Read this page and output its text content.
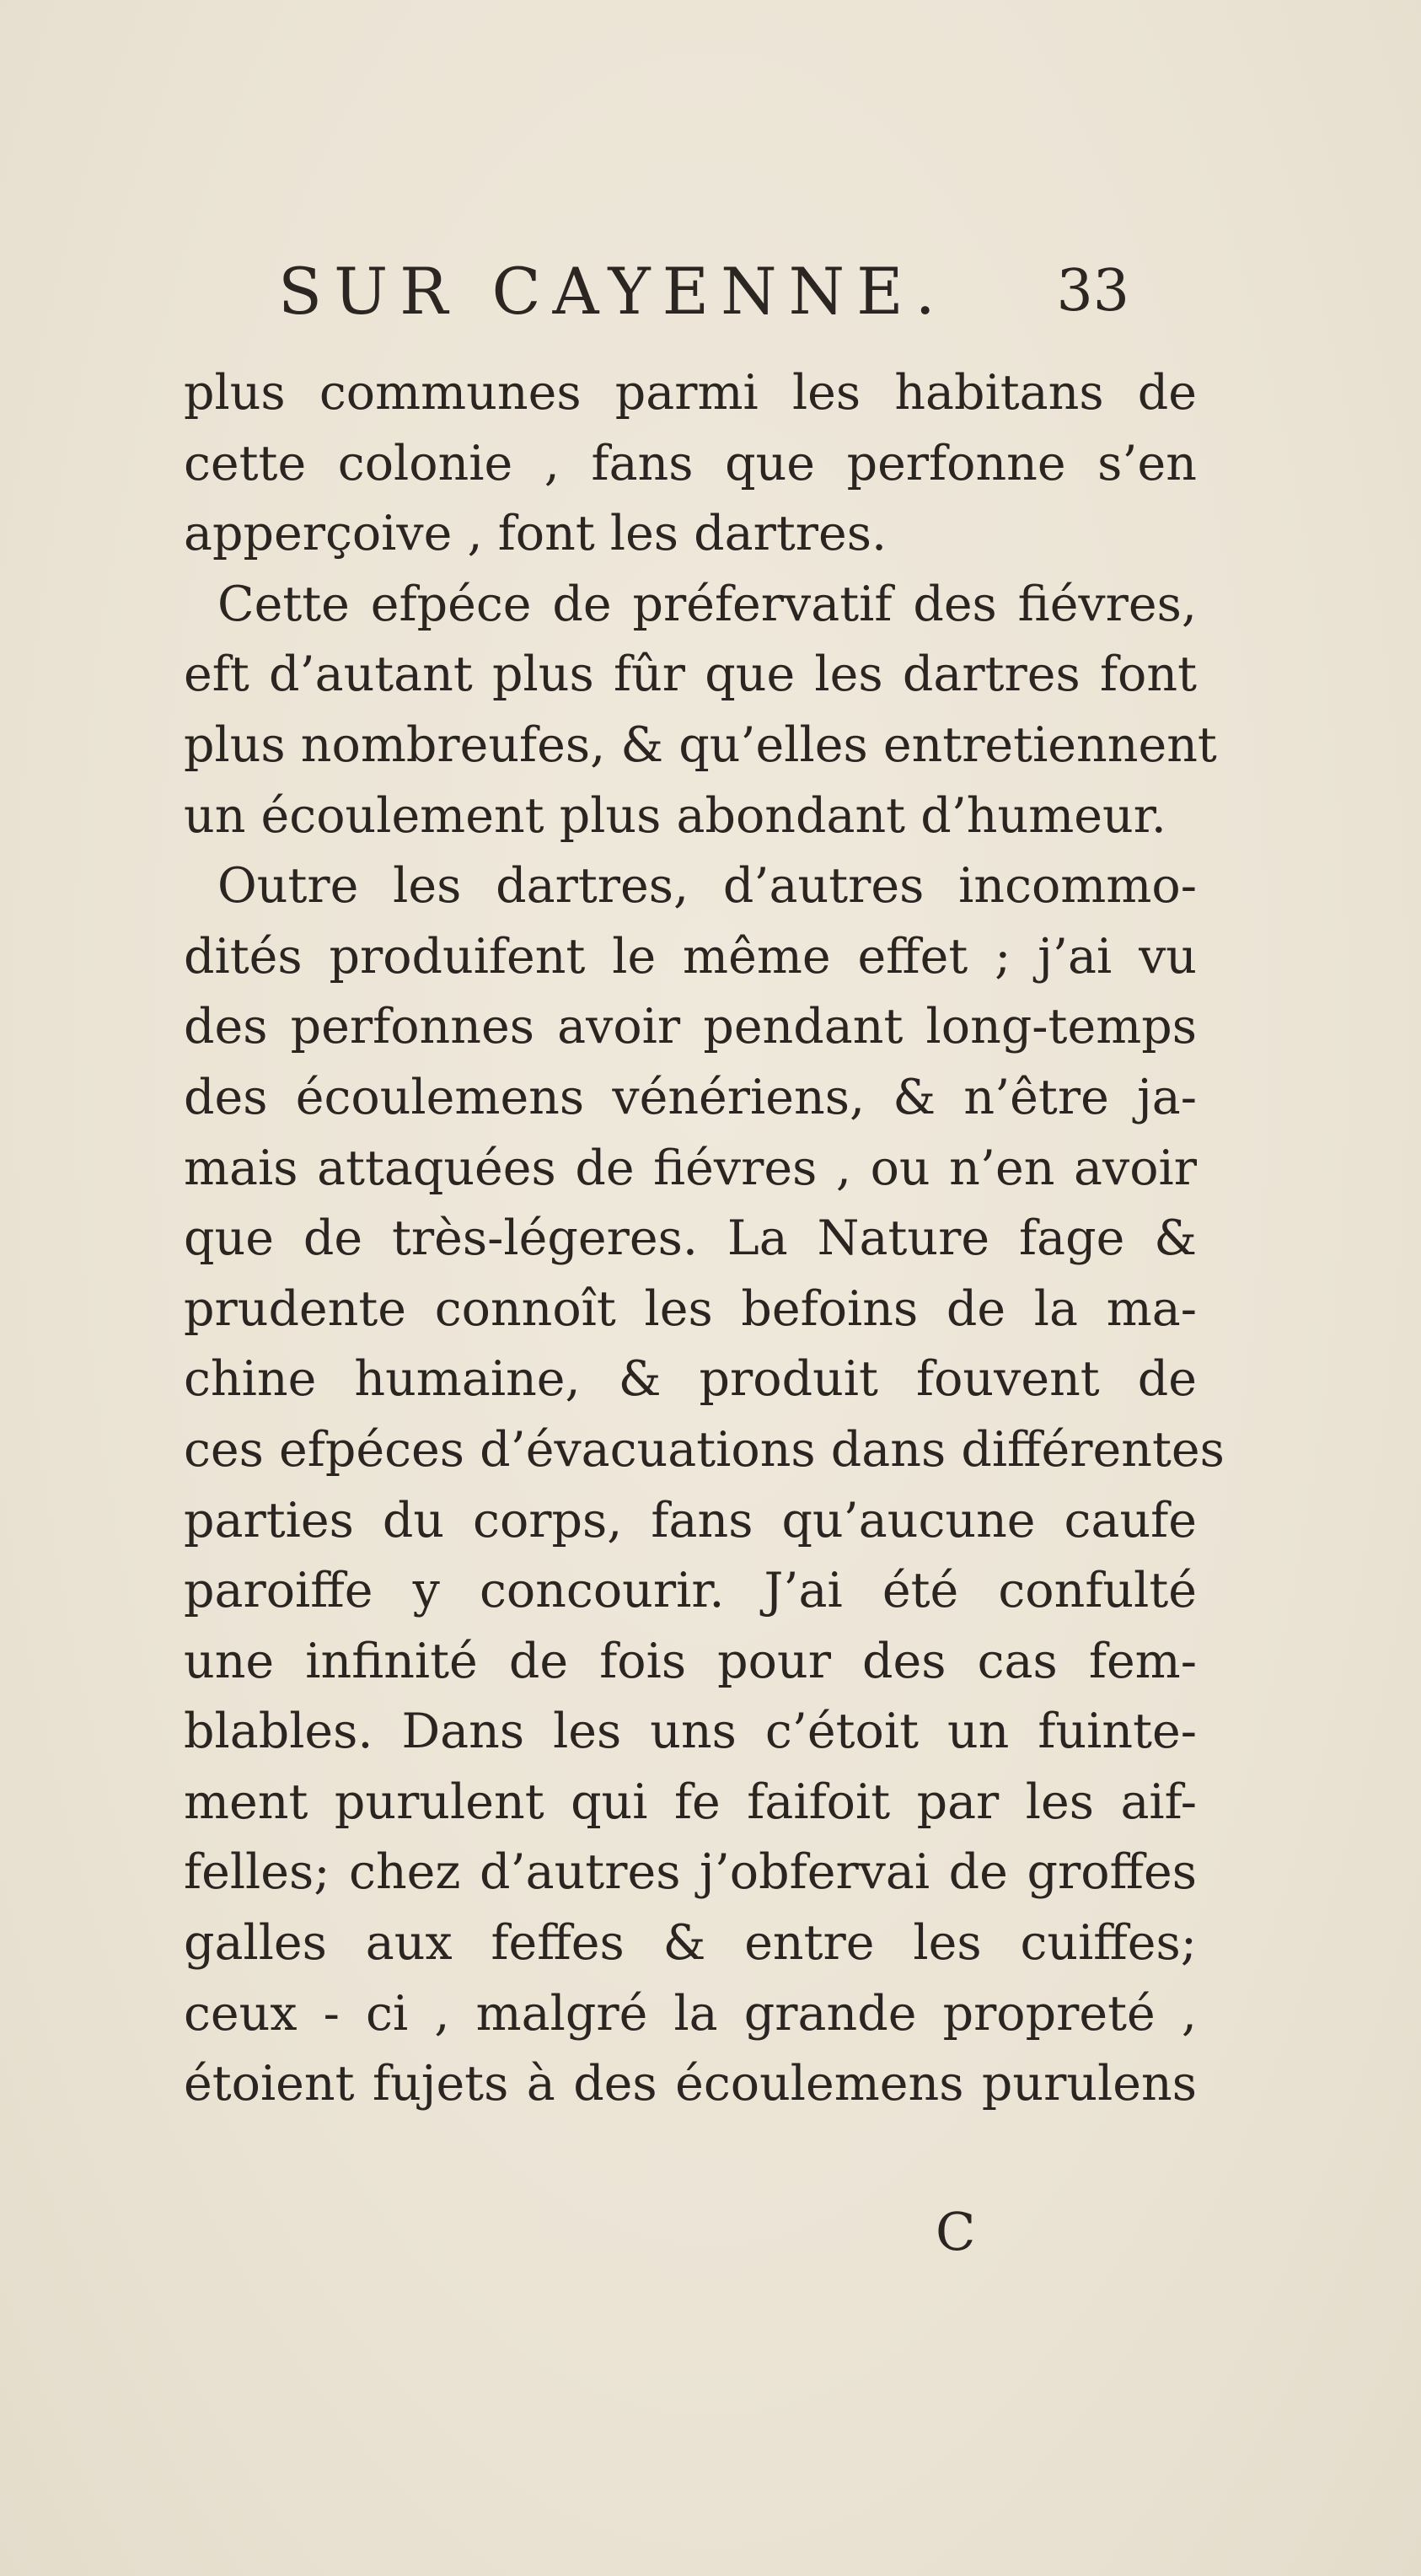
SUR CAYENNE. 33
plus communes parmi les habitans de
cette colonie , fans que perfonne s’en
apperçoive , font les dartres.
Cette efpéce de préfervatif des fiévres,
eft d’autant plus fûr que les dartres font
plus nombreufes, & qu’elles entretiennent
un écoulement plus abondant d’humeur.
Outre les dartres, d’autres incommo-
dités produifent le même effet ; j’ai vu
des perfonnes avoir pendant long-temps
des écoulemens vénériens, & n’être ja-
mais attaquées de fiévres , ou n’en avoir
que de très-légeres. La Nature fage &
prudente connoît les befoins de la ma-
chine humaine, & produit fouvent de
ces efpéces d’évacuations dans différentes
parties du corps, fans qu’aucune caufe
paroiffe y concourir. J’ai été confulté
une infinité de fois pour des cas fem-
blables. Dans les uns c’étoit un fuinte-
ment purulent qui fe faifoit par les aif-
felles; chez d’autres j’obfervai de groffes
galles aux feffes & entre les cuiffes;
ceux - ci , malgré la grande propreté ,
étoient fujets à des écoulemens purulens
C
